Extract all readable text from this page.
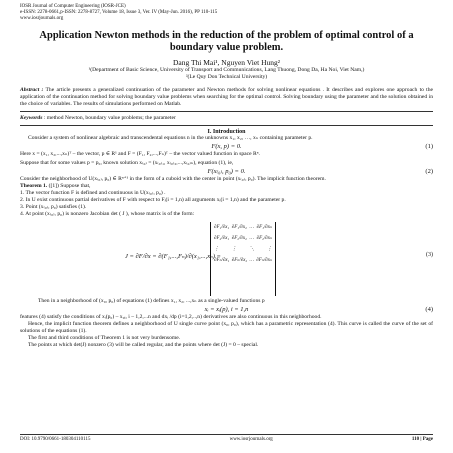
IOSR Journal of Computer Engineering (IOSR-JCE)
e-ISSN: 2278-0661,p-ISSN: 2278-8727, Volume 18, Issue 3, Ver. IV (May-Jun. 2016), PP 110-115
www.iosrjournals.org
Application Newton methods in the reduction of the problem of optimal control of a boundary value problem.
Dang Thi Mai¹, Nguyen Viet Hung²
¹(Department of Basic Science, University of Transport and Communications, Lang Thuong, Dong Da, Ha Noi, Viet Nam,)
²(Le Quy Don Technical University)
Abstract : The article presents a generalized continuation of the parameter and Newton methods for solving nonlinear equations . It describes and explores one approach to the application of the continuation method for solving boundary value problems when searching for the optimal control. Solving boundary using the parameter and the solution obtained in the choice of variables. The results of simulations performed on Matlab.
Keywords : method Newton, boundary value problems; the parameter
I. Introduction
Consider a system of nonlinear algebraic and transcendental equations n in the unknowns x₁, x₂, …, xₙ containing parameter p.
F(x, p) = 0.	(1)
Here x = (x₁, x₂,...,xₙ)ᵀ – the vector, p ∈ R¹ and F = (F₁, F₂,...,Fₙ)ᵀ – the vector valued function in space Rⁿ.
Suppose that for some values p = p₀, known solution x₍₀₎ = (x₍₀₎₁, x₍₀₎₂,...,x₍₀₎ₙ), equation (1), ie,
F(x₍₀₎, p₀) = 0.	(2)
Consider the neighborhood of U(x₍₀₎, p₀) ∈ Rⁿ⁺¹ in the form of a cuboid with the center in point (x₍₀₎, p₀). The implicit function theorem.
Theorem 1. ([1]) Suppose that,
1. The vector function F is defined and continuous in U(x₍₀₎, p₀) .
2. In U exist continuous partial derivatives of F with respect to Fᵢ(i = 1,n) all arguments xᵢ(i = 1,n) and the parameter p.
3. Point (x₍₀₎, p₀) satisfies (1).
4. At point (x₍₀₎, p₀) is nonzero Jacobian det ( J ), whose matrix is of the form:
J = ∂F/∂x = ∂(F₁,...,Fₙ)/∂(x₁,...,xₙ) =
∂F₁/∂x₁ ∂F₁/∂x₂ … ∂F₁/∂xₙ
∂F₂/∂x₁ ∂F₂/∂x₂ … ∂F₂/∂xₙ
⋮	⋮	⋱	⋮
∂Fₙ/∂x₁ ∂Fₙ/∂x₂ … ∂Fₙ/∂xₙ
(3)
Then in a neighborhood of (x₀, p₀) of equations (1) defines x₁, x₂, ...,xₙ as a single-valued functions p
xᵢ = xᵢ(p), i = 1,n	(4)
features (4) satisfy the conditions of xᵢ(p₀) – x₀ᵢ, i – 1,2,...n and dxᵢ /dp (i=1,2,..,n) derivatives are also continuous in this neighborhood.
Hence, the implicit function theorem defines a neighborhood of U single curve point (x₀, p₀), which has a parametric representation (4). This curve is called the curve of the set of solutions of the equations (1).
The first and third conditions of Theorem 1 is not very burdensome.
The points at which det(J) nonzero (3) will be called regular, and the points where det (J) = 0 – special.
DOI: 10.9790/0661-180304110115	www.iosrjournals.org	110 | Page
